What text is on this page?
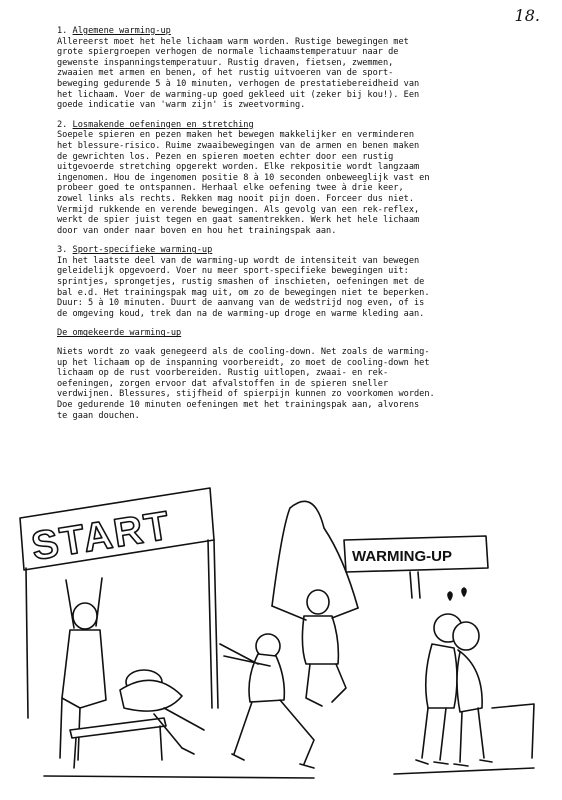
18.

1. Algemene warming-up

Allereerst moet het hele lichaam warm worden. Rustige bewegingen met
grote spiergroepen verhogen de normale lichaamstemperatuur naar de
gewenste inspanningstemperatuur. Rustig draven, fietsen, zwemmen,
zwaaien met armen en benen, of het rustig uitvoeren van de sport-
beweging gedurende 5 à 10 minuten, verhogen de prestatiebereidheid van
het lichaam. Voer de warming-up goed gekleed uit (zeker bij kou!). Een
goede indicatie van 'warm zijn' is zweetvorming.

2. Losmakende oefeningen en stretching

Soepele spieren en pezen maken het bewegen makkelijker en verminderen
het blessure-risico. Ruime zwaaibewegingen van de armen en benen maken
de gewrichten los. Pezen en spieren moeten echter door een rustig
uitgevoerde stretching opgerekt worden. Elke rekpositie wordt langzaam
ingenomen. Hou de ingenomen positie 8 à 10 seconden onbeweeglijk vast en
probeer goed te ontspannen. Herhaal elke oefening twee à drie keer,
zowel links als rechts. Rekken mag nooit pijn doen. Forceer dus niet.
Vermijd rukkende en verende bewegingen. Als gevolg van een rek-reflex,
werkt de spier juist tegen en gaat samentrekken. Werk het hele lichaam
door van onder naar boven en hou het trainingspak aan.

3. Sport-specifieke warming-up

In het laatste deel van de warming-up wordt de intensiteit van bewegen
geleidelijk opgevoerd. Voer nu meer sport-specifieke bewegingen uit:
sprintjes, sprongetjes, rustig smashen of inschieten, oefeningen met de
bal e.d. Het trainingspak mag uit, om zo de bewegingen niet te beperken.
Duur: 5 à 10 minuten. Duurt de aanvang van de wedstrijd nog even, of is
de omgeving koud, trek dan na de warming-up droge en warme kleding aan.

De omgekeerde warming-up

Niets wordt zo vaak genegeerd als de cooling-down. Net zoals de warming-
up het lichaam op de inspanning voorbereidt, zo moet de cooling-down het
lichaam op de rust voorbereiden. Rustig uitlopen, zwaai- en rek-
oefeningen, zorgen ervoor dat afvalstoffen in de spieren sneller
verdwijnen. Blessures, stijfheid of spierpijn kunnen zo voorkomen worden.
Doe gedurende 10 minuten oefeningen met het trainingspak aan, alvorens
te gaan douchen.

START	WARMING-UP
